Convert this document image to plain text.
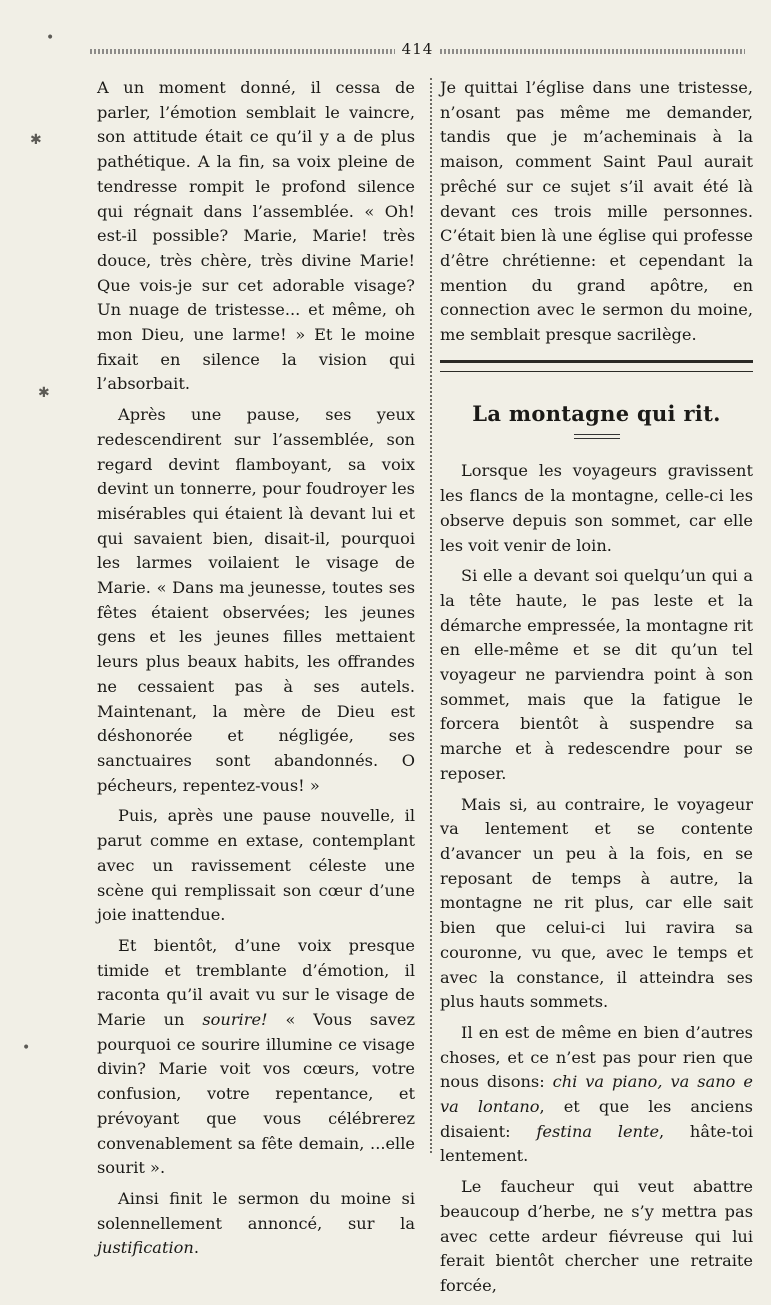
414

A un moment donné, il cessa de parler, l’émotion semblait le vaincre, son attitude était ce qu’il y a de plus pathétique. A la fin, sa voix pleine de tendresse rompit le profond silence qui régnait dans l’assemblée. « Oh! est-il possible? Marie, Marie! très douce, très chère, très divine Marie! Que vois-je sur cet adorable visage? Un nuage de tristesse... et même, oh mon Dieu, une larme! » Et le moine fixait en silence la vision qui l’absorbait.

Après une pause, ses yeux redescendirent sur l’assemblée, son regard devint flamboyant, sa voix devint un tonnerre, pour foudroyer les misérables qui étaient là devant lui et qui savaient bien, disait-il, pourquoi les larmes voilaient le visage de Marie. « Dans ma jeunesse, toutes ses fêtes étaient observées; les jeunes gens et les jeunes filles mettaient leurs plus beaux habits, les offrandes ne cessaient pas à ses autels. Maintenant, la mère de Dieu est déshonorée et négligée, ses sanctuaires sont abandonnés. O pécheurs, repentez-vous! »

Puis, après une pause nouvelle, il parut comme en extase, contemplant avec un ravissement céleste une scène qui remplissait son cœur d’une joie inattendue.

Et bientôt, d’une voix presque timide et tremblante d’émotion, il raconta qu’il avait vu sur le visage de Marie un sourire! « Vous savez pourquoi ce sourire illumine ce visage divin? Marie voit vos cœurs, votre confusion, votre repentance, et prévoyant que vous célébrerez convenablement sa fête demain, ...elle sourit ».

Ainsi finit le sermon du moine si solennellement annoncé, sur la justification.

Je quittai l’église dans une tristesse, n’osant pas même me demander, tandis que je m’acheminais à la maison, comment Saint Paul aurait prêché sur ce sujet s’il avait été là devant ces trois mille personnes. C’était bien là une église qui professe d’être chrétienne: et cependant la mention du grand apôtre, en connection avec le sermon du moine, me semblait presque sacrilège.

La montagne qui rit.

Lorsque les voyageurs gravissent les flancs de la montagne, celle-ci les observe depuis son sommet, car elle les voit venir de loin.

Si elle a devant soi quelqu’un qui a la tête haute, le pas leste et la démarche empressée, la montagne rit en elle-même et se dit qu’un tel voyageur ne parviendra point à son sommet, mais que la fatigue le forcera bientôt à suspendre sa marche et à redescendre pour se reposer.

Mais si, au contraire, le voyageur va lentement et se contente d’avancer un peu à la fois, en se reposant de temps à autre, la montagne ne rit plus, car elle sait bien que celui-ci lui ravira sa couronne, vu que, avec le temps et avec la constance, il atteindra ses plus hauts sommets.

Il en est de même en bien d’autres choses, et ce n’est pas pour rien que nous disons: chi va piano, va sano e va lontano, et que les anciens disaient: festina lente, hâte-toi lentement.

Le faucheur qui veut abattre beaucoup d’herbe, ne s’y mettra pas avec cette ardeur fiévreuse qui lui ferait bientôt chercher une retraite forcée,

•
✱
✱
•
